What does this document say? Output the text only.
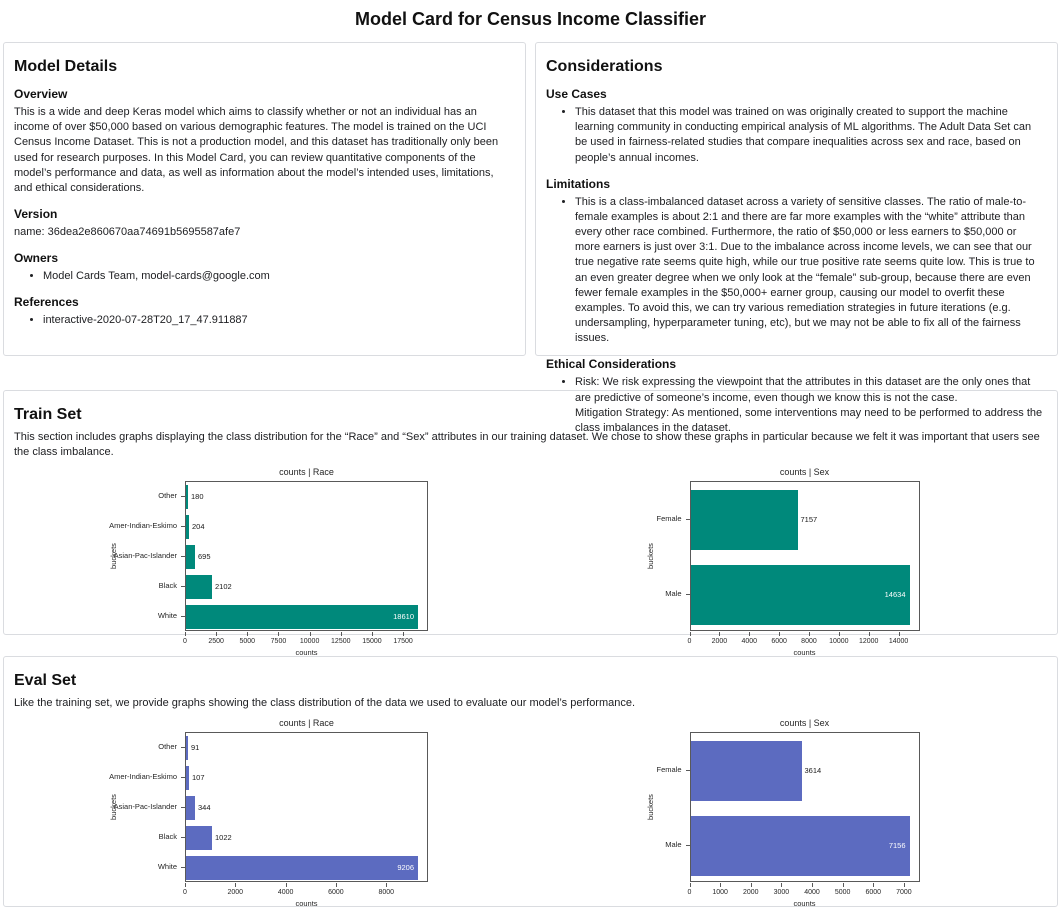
Model Card for Census Income Classifier
Model Details
Overview

This is a wide and deep Keras model which aims to classify whether or not an individual has an income of over $50,000 based on various demographic features. The model is trained on the UCI Census Income Dataset. This is not a production model, and this dataset has traditionally only been used for research purposes. In this Model Card, you can review quantitative components of the model’s performance and data, as well as information about the model’s intended uses, limitations, and ethical considerations.

Version

name: 36dea2e860670aa74691b5695587afe7

Owners
• Model Cards Team, model-cards@google.com
References
• interactive-2020-07-28T20_17_47.911887
Considerations
Use Cases
• This dataset that this model was trained on was originally created to support the machine learning community in conducting empirical analysis of ML algorithms. The Adult Data Set can be used in fairness-related studies that compare inequalities across sex and race, based on people’s annual incomes.
Limitations
• This is a class-imbalanced dataset across a variety of sensitive classes. The ratio of male-to-female examples is about 2:1 and there are far more examples with the “white” attribute than every other race combined. Furthermore, the ratio of $50,000 or less earners to $50,000 or more earners is just over 3:1. Due to the imbalance across income levels, we can see that our true negative rate seems quite high, while our true positive rate seems quite low. This is true to an even greater degree when we only look at the “female” sub-group, because there are even fewer female examples in the $50,000+ earner group, causing our model to overfit these examples. To avoid this, we can try various remediation strategies in future iterations (e.g. undersampling, hyperparameter tuning, etc), but we may not be able to fix all of the fairness issues.
Ethical Considerations
• Risk: We risk expressing the viewpoint that the attributes in this dataset are the only ones that are predictive of someone’s income, even though we know this is not the case.
Mitigation Strategy: As mentioned, some interventions may need to be performed to address the class imbalances in the dataset.
Train Set

This section includes graphs displaying the class distribution for the “Race” and “Sex” attributes in our training dataset. We chose to show these graphs in particular because we felt it was important that users see the class imbalance.

counts | Race
buckets
180
204
695
2102
18610
Other
Amer-Indian-Eskimo
Asian-Pac-Islander
Black
White
0	2500	5000	7500	10000	12500	15000	17500
counts
counts | Sex
buckets
7157
14634
Female
Male
0	2000	4000	6000	8000	10000	12000	14000
counts
Eval Set

Like the training set, we provide graphs showing the class distribution of the data we used to evaluate our model’s performance.

counts | Race
buckets
91
107
344
1022
9206
Other
Amer-Indian-Eskimo
Asian-Pac-Islander
Black
White
0	2000	4000	6000	8000
counts
counts | Sex
buckets
3614
7156
Female
Male
0	1000	2000	3000	4000	5000	6000	7000
counts
